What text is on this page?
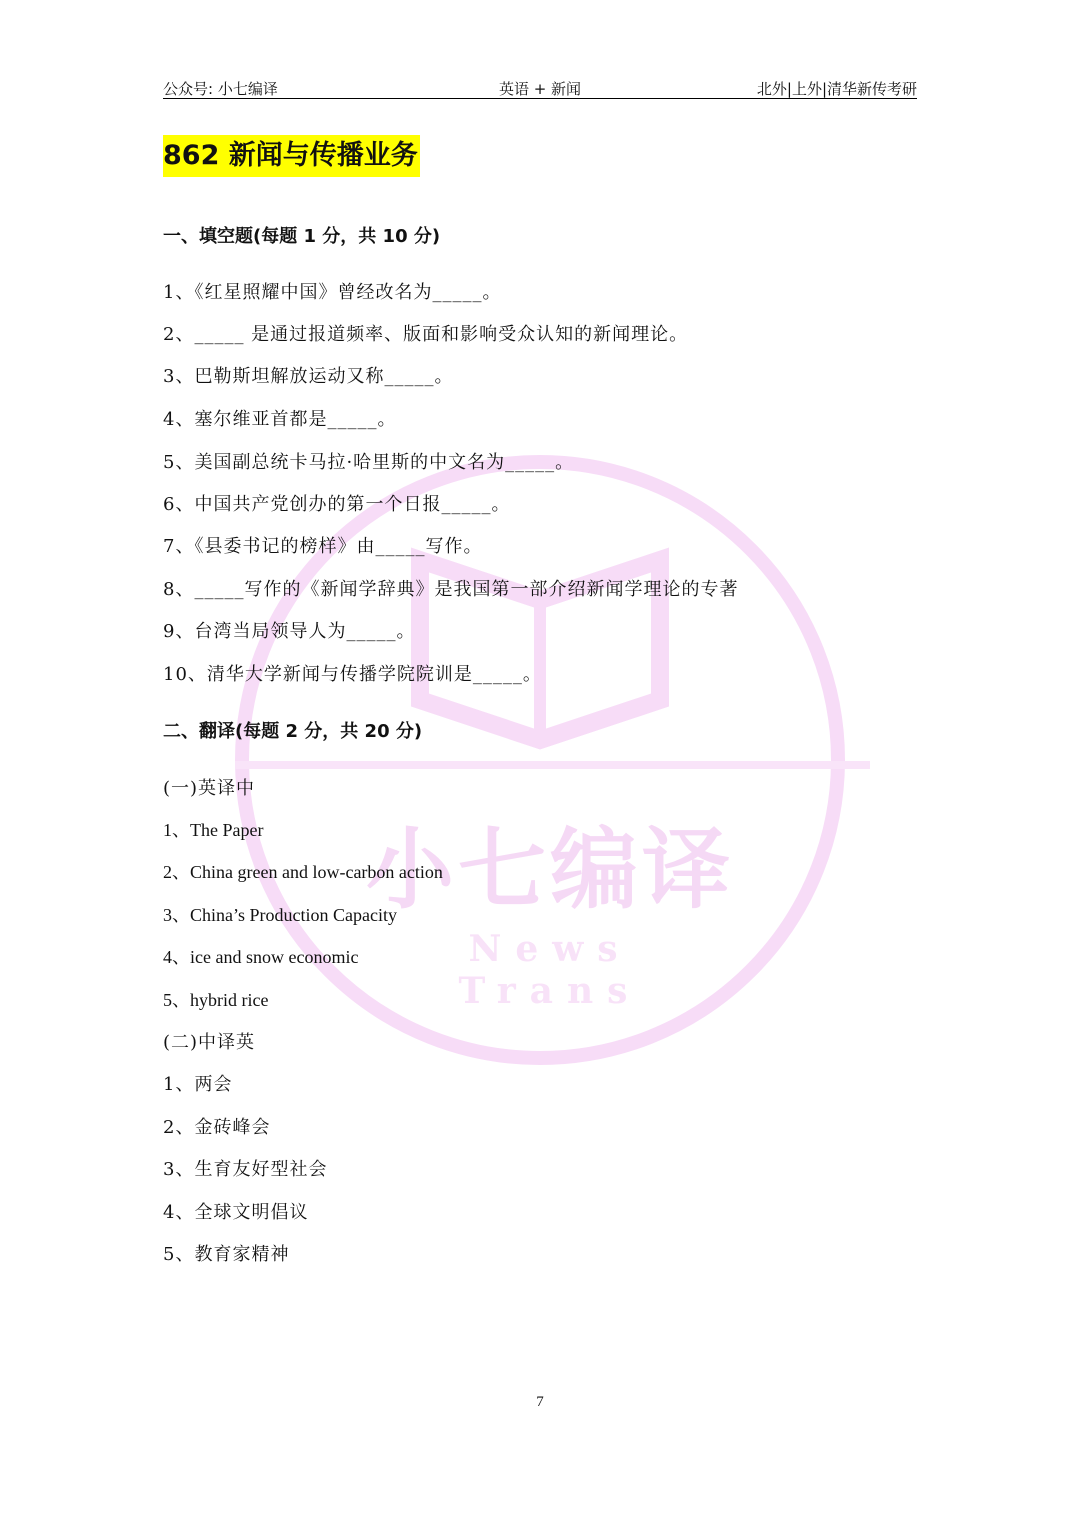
小七编译
News Trans
公众号: 小七编译	英语 + 新闻	北外|上外|清华新传考研
862 新闻与传播业务
一、填空题(每题 1 分，共 10 分)
1、《红星照耀中国》曾经改名为_____。
2、_____ 是通过报道频率、版面和影响受众认知的新闻理论。
3、巴勒斯坦解放运动又称_____。
4、塞尔维亚首都是_____。
5、美国副总统卡马拉·哈里斯的中文名为_____。
6、中国共产党创办的第一个日报_____。
7、《县委书记的榜样》由_____写作。
8、_____写作的《新闻学辞典》是我国第一部介绍新闻学理论的专著
9、台湾当局领导人为_____。
10、清华大学新闻与传播学院院训是_____。
二、翻译(每题 2 分，共 20 分)
(一)英译中
1、The Paper
2、China green and low-carbon action
3、China’s Production Capacity
4、ice and snow economic
5、hybrid rice
(二)中译英
1、两会
2、金砖峰会
3、生育友好型社会
4、全球文明倡议
5、教育家精神
7
